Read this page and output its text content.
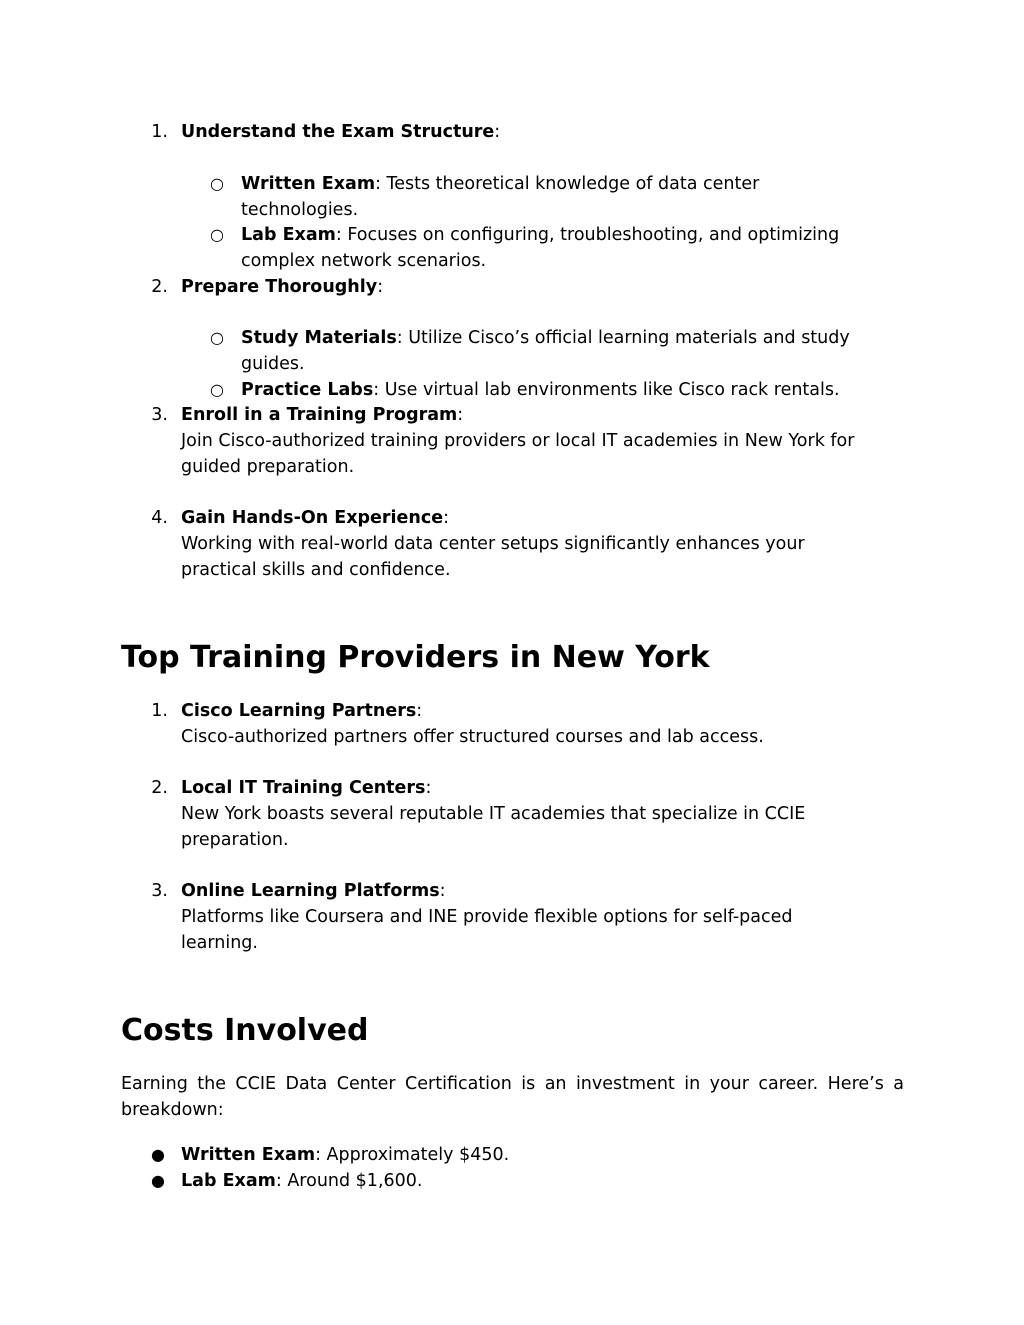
1. Understand the Exam Structure:
○ Written Exam: Tests theoretical knowledge of data center
technologies.
○ Lab Exam: Focuses on configuring, troubleshooting, and optimizing
complex network scenarios.
2. Prepare Thoroughly:
○ Study Materials: Utilize Cisco’s official learning materials and study
guides.
○ Practice Labs: Use virtual lab environments like Cisco rack rentals.
3. Enroll in a Training Program:
Join Cisco-authorized training providers or local IT academies in New York for
guided preparation.
4. Gain Hands-On Experience:
Working with real-world data center setups significantly enhances your
practical skills and confidence.
Top Training Providers in New York
1. Cisco Learning Partners:
Cisco-authorized partners offer structured courses and lab access.
2. Local IT Training Centers:
New York boasts several reputable IT academies that specialize in CCIE
preparation.
3. Online Learning Platforms:
Platforms like Coursera and INE provide flexible options for self-paced
learning.
Costs Involved
Earning the CCIE Data Center Certification is an investment in your career. Here’s a breakdown:
● Written Exam: Approximately $450.
● Lab Exam: Around $1,600.
